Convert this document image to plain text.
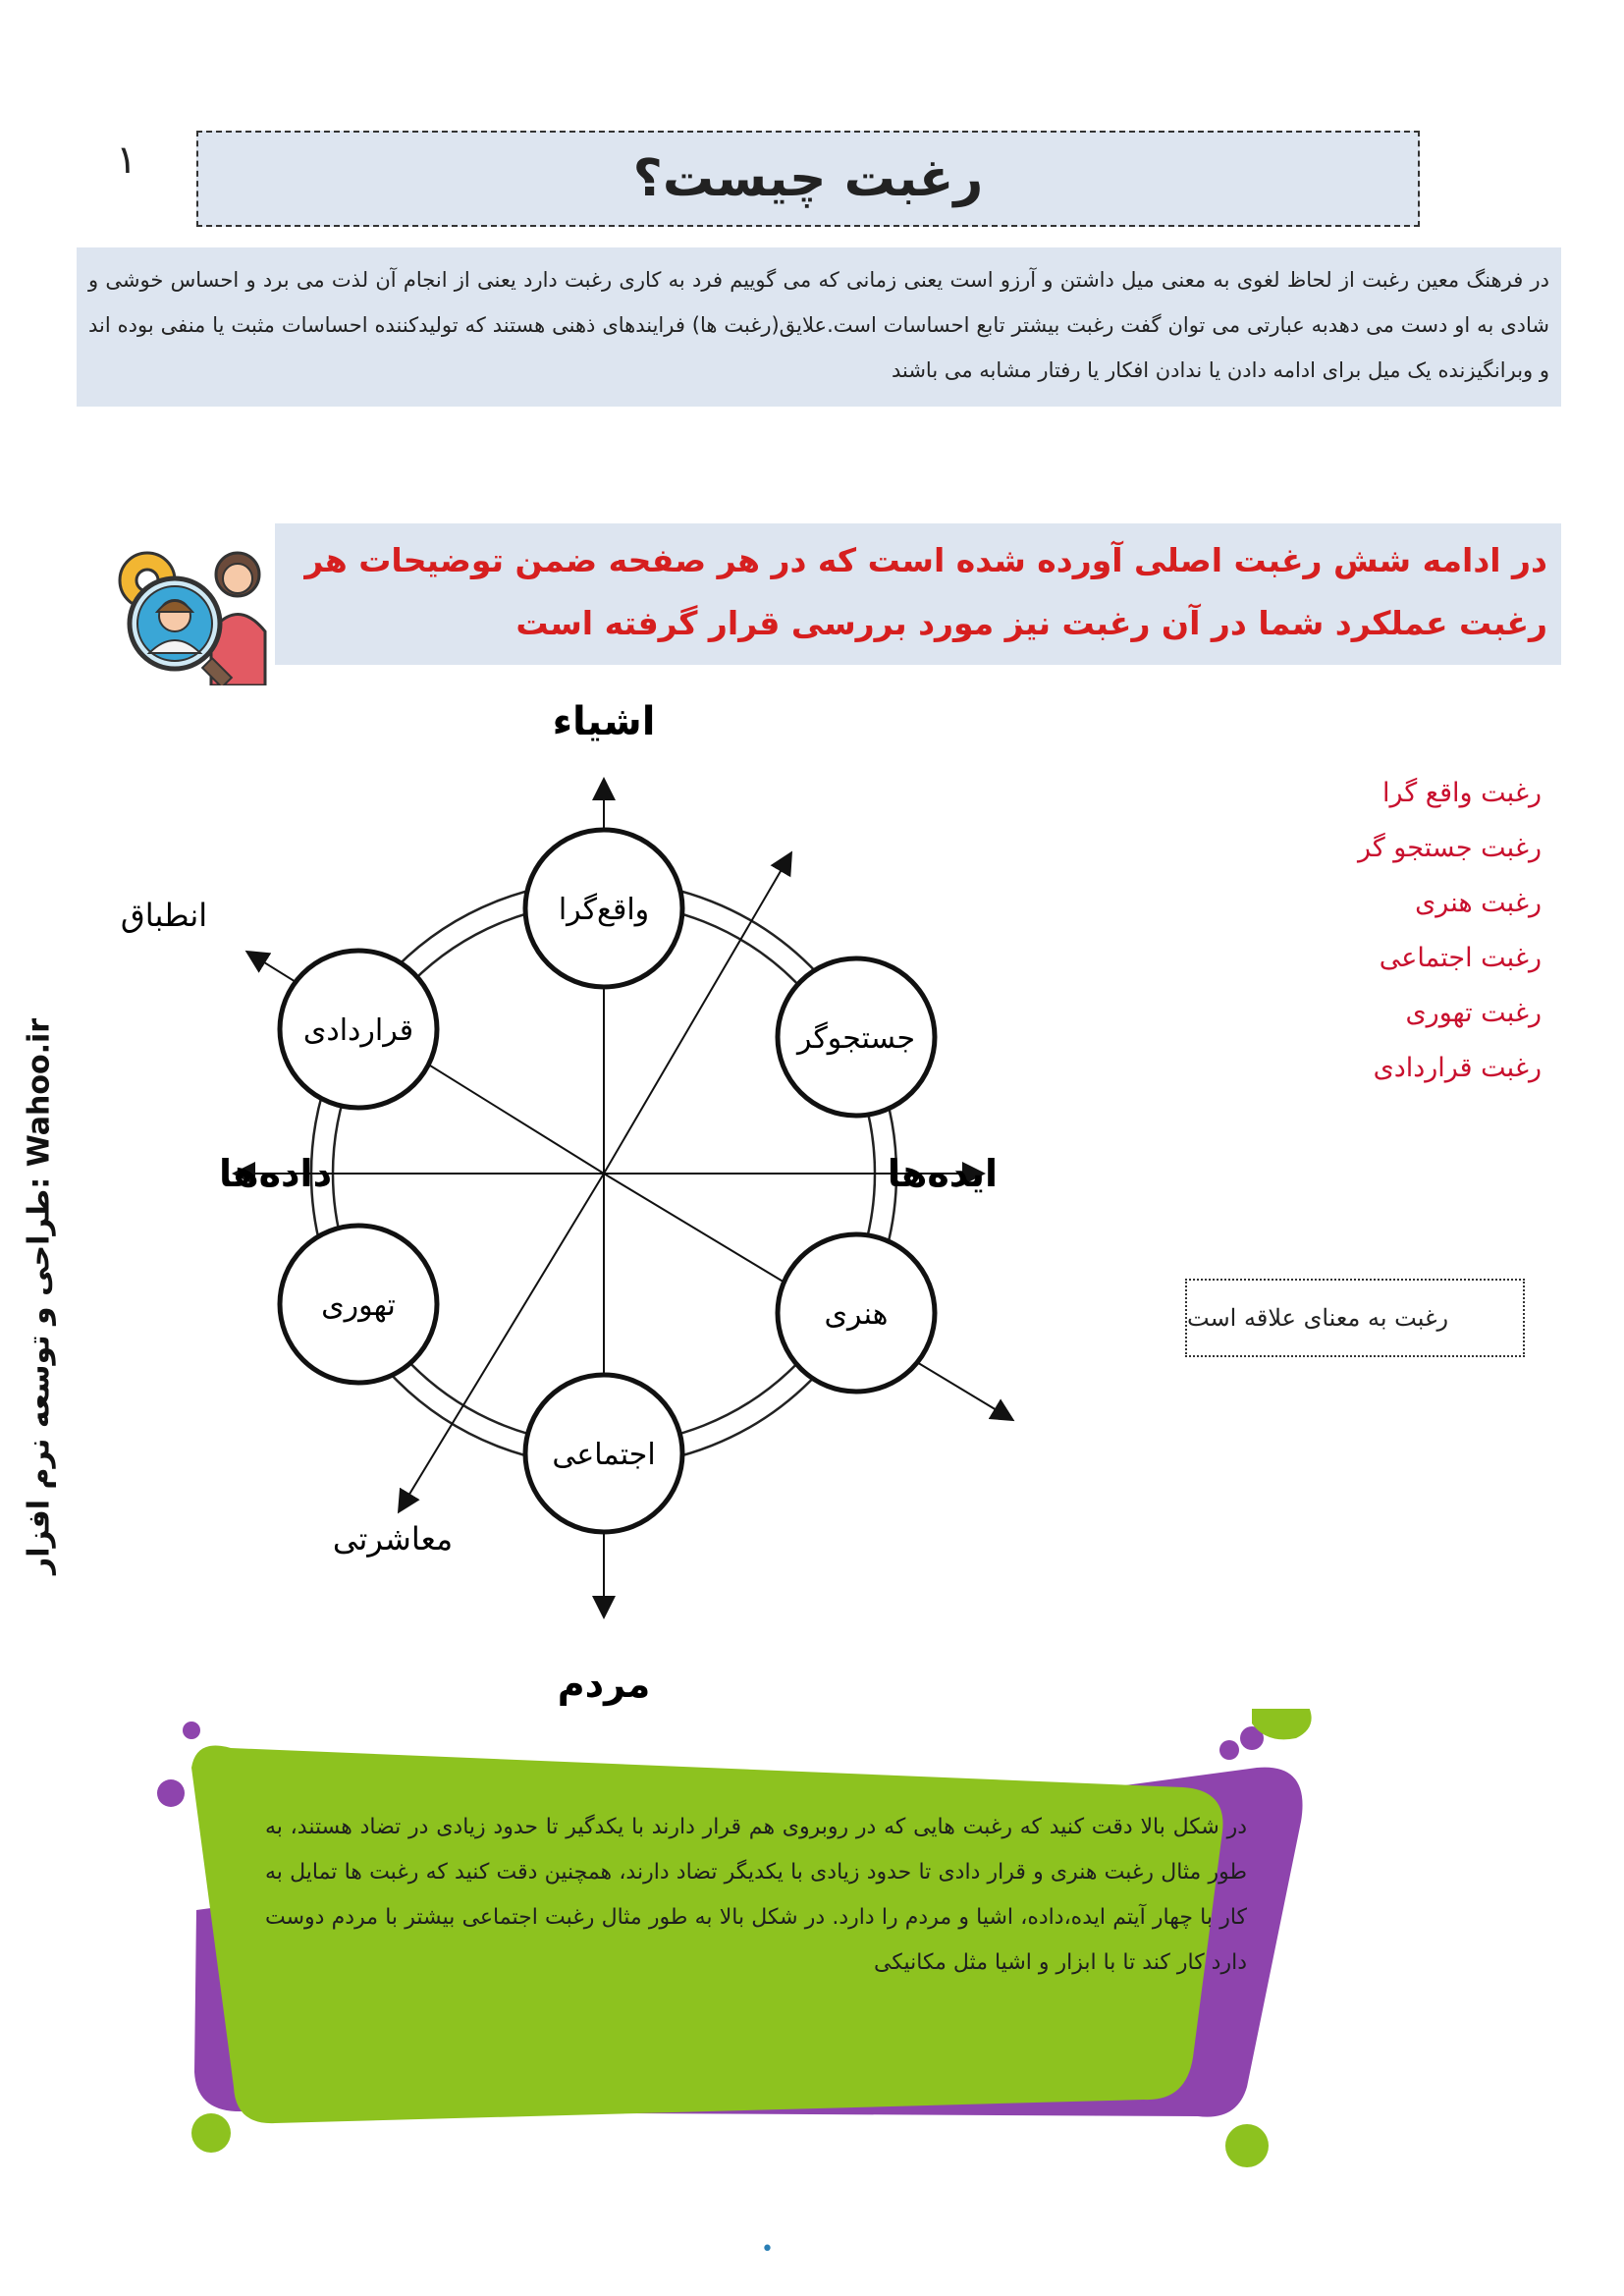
۱	رغبت چیست؟
در فرهنگ معین رغبت از لحاظ لغوی به معنی میل داشتن و آرزو است یعنی زمانی که می گوییم فرد به کاری رغبت دارد یعنی از انجام آن لذت می برد و احساس خوشی و شادی به او دست می دهدبه عبارتی می توان گفت رغبت بیشتر تابع احساسات است.علایق(رغبت ها) فرایندهای ذهنی هستند که تولیدکننده احساسات مثبت یا منفی بوده اند و وبرانگیزنده یک میل برای ادامه دادن یا ندادن افکار یا رفتار مشابه می باشند
در ادامه شش رغبت اصلی آورده شده است که در هر صفحه ضمن توضیحات هر رغبت عملکرد شما در آن رغبت نیز مورد بررسی قرار گرفته است
طراحی و توسعه نرم افزار: Wahoo.ir
اشیاء
مردم
داده‌ها	ایده‌ها
انطباق
معاشرتی
واقع‌گرا
جستجوگر
هنری
اجتماعی
تهوری
قراردادی
رغبت واقع گرا
رغبت جستجو گر
رغبت هنری
رغبت اجتماعی
رغبت تهوری
رغبت قراردادی
رغبت به معنای علاقه است
در شکل بالا دقت کنید که رغبت هایی که در روبروی هم قرار دارند با یکدگیر تا حدود زیادی در تضاد هستند، به طور مثال رغبت هنری و قرار دادی تا حدود زیادی با یکدیگر تضاد دارند، همچنین دقت کنید که رغبت ها تمایل به کار با چهار آیتم ایده،داده، اشیا و مردم را دارد. در شکل بالا به طور مثال رغبت اجتماعی بیشتر با مردم دوست دارد کار کند تا با ابزار و اشیا مثل مکانیکی
•
